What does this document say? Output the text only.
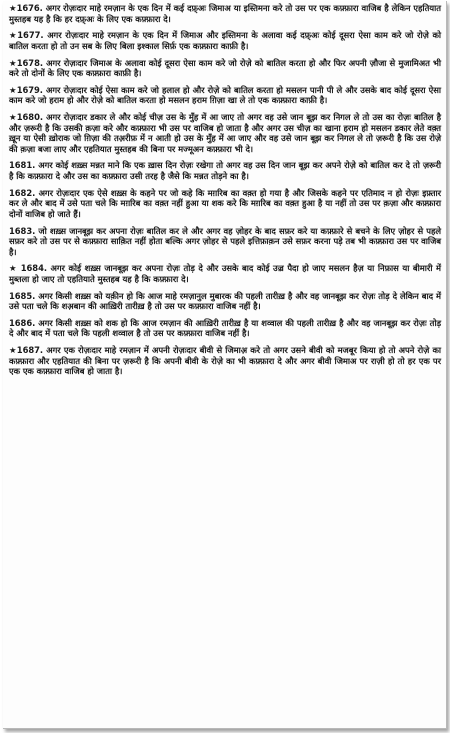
★1676. अगर रोज़ःदार माहे रमज़ान के एक दिन में कई दफ़्अः जिमाअ या इस्तिमना करे तो उस पर एक कफ़्फ़ारा वाजिब है लेकिन एहतियात मुस्तहब यह है कि हर दफ़्अः के लिए एक कफ़्फ़ारा दे।

★1677. अगर रोज़ःदार माहे रमज़ान के एक दिन में जिमाअ और इस्तिमना के अलावा कई दफ़्अः कोई दूसरा ऐसा काम करे जो रोज़े को बातिल करता हो तो उन सब के लिए बिला इश्काल सिर्फ़ एक कफ़्फ़ारा काफ़ी है।

★1678. अगर रोज़ःदार जिमाअ के अलावा कोई दूसरा ऐसा काम करे जो रोज़े को बातिल करता हो और फिर अपनी ज़ौजा से मुजामिअत भी करे तो दोनों के लिए एक कफ़्फ़ारा काफ़ी है।

★1679. अगर रोज़ःदार कोई ऐसा काम करे जो हलाल हो और रोज़े को बातिल करता हो मसलन पानी पी ले और उसके बाद कोई दूसरा ऐसा काम करे जो हराम हो और रोज़े को बातिल करता हो मसलन हराम ग़िज़ा खा ले तो एक कफ़्फ़ारा काफ़ी है।

★1680. अगर रोज़ःदार डकार ले और कोई चीज़ उस के मुँह में आ जाए तो अगर वह उसे जान बूझ कर निगल ले तो उस का रोज़ः बातिल है और ज़रूरी है कि उसकी क़ज़ा करे और कफ़्फ़ारा भी उस पर वाजिब हो जाता है और अगर उस चीज़ का खाना हराम हो मसलन डकार लेते वक़्त ख़ून या ऐसी ख़ोराक जो ग़िज़ा की तअ़रीफ़ में न आती हो उस के मुँह में आ जाए और वह उसे जान बूझ कर निगल ले तो ज़रूरी है कि उस रोज़े की क़ज़ा बजा लाए और एहतियात मुस्तहब की बिना पर मज्मूअन कफ़्फ़ारा भी दे।

1681. अगर कोई शख़्स मन्नत माने कि एक ख़ास दिन रोज़ः रखेगा तो अगर वह उस दिन जान बूझ कर अपने रोज़े को बातिल कर दे तो ज़रूरी है कि कफ़्फ़ारा दे और उस का कफ़्फ़ारा उसी तरह है जैसे कि मन्नत तोड़ने का है।

1682. अगर रोज़ःदार एक ऐसे शख़्स के कहने पर जो कहे कि मग़रिब का वक़्त हो गया है और जिसके कहने पर एतिमाद न हो रोज़ः इफ़्तार कर ले और बाद में उसे पता चले कि मग़रिब का वक़्त नहीं हुआ या शक करे कि मग़रिब का वक़्त हुआ है या नहीं तो उस पर क़ज़ा और कफ़्फ़ारा दोनों वाजिब हो जाते हैं।

1683. जो शख़्स जानबूझ कर अपना रोज़ः बातिल कर ले और अगर वह ज़ोहर के बाद सफ़र करे या कफ़्फ़ारे से बचने के लिए ज़ोहर से पहले सफ़र करे तो उस पर से कफ़्फ़ारा साक़ित नहीं होता बल्कि अगर ज़ोहर से पहले इत्तिफ़ाक़न उसे सफ़र करना पड़े तब भी कफ़्फ़ारा उस पर वाजिब है।

★ 1684. अगर कोई शख़्स जानबूझ कर अपना रोज़ः तोड़ दे और उसके बाद कोई उज़्र पैदा हो जाए मसलन हैज़ या निफ़ास या बीमारी में मुब्तला हो जाए तो एहतियाते मुस्तहब यह है कि कफ़्फ़ारा दे।

1685. अगर किसी शख़्स को यक़ीन हो कि आज माहे रमज़ानुल मुबारक की पहली तारीख़ है और वह जानबूझ कर रोज़ः तोड़ दे लेकिन बाद में उसे पता चले कि शअ़बान की आख़िरी तारीख़ है तो उस पर कफ़्फ़ारा वाजिब नहीं है।

1686. अगर किसी शख़्स को शक हो कि आज रमज़ान की आख़िरी तारीख़ है या शव्वाल की पहली तारीख़ है और वह जानबूझ कर रोज़ः तोड़ दे और बाद में पता चले कि पहली शव्वाल है तो उस पर कफ़्फ़ारा वाजिब नहीं है।

★1687. अगर एक रोज़ःदार माहे रमज़ान में अपनी रोज़ःदार बीवी से जिमाअ़ करे तो अगर उसने बीवी को मजबूर किया हो तो अपने रोज़े का कफ़्फ़ारा और एहतियात की बिना पर ज़रूरी है कि अपनी बीवी के रोज़े का भी कफ़्फ़ारा दे और अगर बीवी जिमाअ पर राज़ी हो तो हर एक पर एक एक कफ़्फ़ारा वाजिब हो जाता है।
